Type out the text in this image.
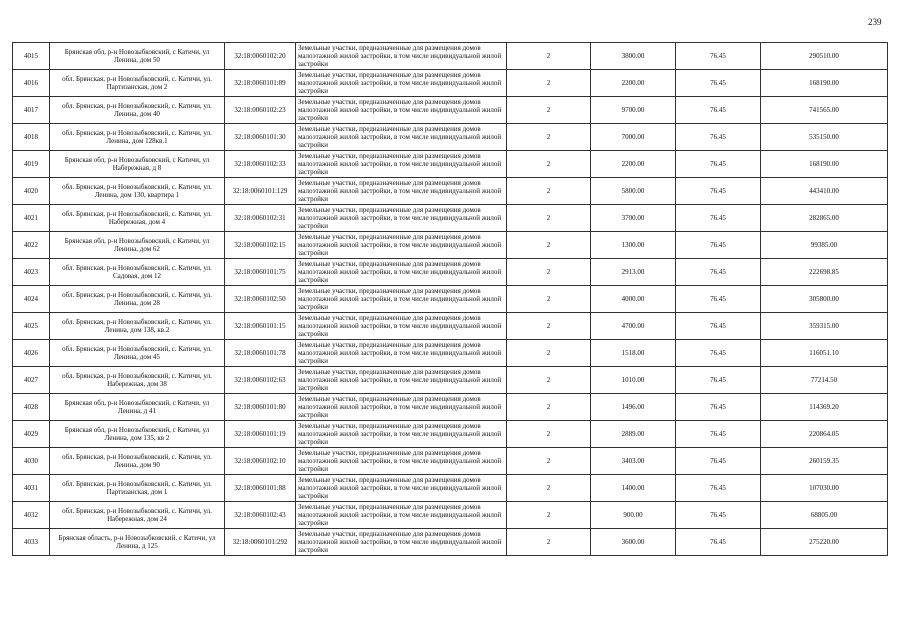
239
4015	Брянская обл, р-н Новозыбковский, с Катичи, ул Ленина, дом 50	32:18:0060102:20	Земельные участки, предназначенные для размещения домов малоэтажной жилой застройки, в том числе индивидуальной жилой застройки	2	3800.00	76.45	290510.00
4016	обл. Брянская, р-н Новозыбковский, с. Катичи, ул. Партизанская, дом 2	32:18:0060101:89	Земельные участки, предназначенные для размещения домов малоэтажной жилой застройки, в том числе индивидуальной жилой застройки	2	2200.00	76.45	168190.00
4017	обл. Брянская, р-н Новозыбковский, с. Катичи, ул. Ленина, дом 40	32:18:0060102:23	Земельные участки, предназначенные для размещения домов малоэтажной жилой застройки, в том числе индивидуальной жилой застройки	2	9700.00	76.45	741565.00
4018	обл. Брянская, р-н Новозыбковский, с. Катичи, ул. Ленина, дом 128кв.1	32:18:0060101:30	Земельные участки, предназначенные для размещения домов малоэтажной жилой застройки, в том числе индивидуальной жилой застройки	2	7000.00	76.45	535150.00
4019	Брянская обл, р-н Новозыбковский, с Катичи, ул Набережная, д 8	32:18:0060102:33	Земельные участки, предназначенные для размещения домов малоэтажной жилой застройки, в том числе индивидуальной жилой застройки	2	2200.00	76.45	168190.00
4020	обл. Брянская, р-н Новозыбковский, с. Катичи, ул. Ленина, дом 130, квартира 1	32:18:0060101:129	Земельные участки, предназначенные для размещения домов малоэтажной жилой застройки, в том числе индивидуальной жилой застройки	2	5800.00	76.45	443410.00
4021	обл. Брянская, р-н Новозыбковский, с. Катичи, ул. Набережная, дом 4	32:18:0060102:31	Земельные участки, предназначенные для размещения домов малоэтажной жилой застройки, в том числе индивидуальной жилой застройки	2	3700.00	76.45	282865.00
4022	Брянская обл, р-н Новозыбковский, с Катичи, ул Ленина, дом 62	32:18:0060102:15	Земельные участки, предназначенные для размещения домов малоэтажной жилой застройки, в том числе индивидуальной жилой застройки	2	1300.00	76.45	99385.00
4023	обл. Брянская, р-н Новозыбковский, с. Катичи, ул. Садовая, дом 12	32:18:0060101:75	Земельные участки, предназначенные для размещения домов малоэтажной жилой застройки, в том числе индивидуальной жилой застройки	2	2913.00	76.45	222698.85
4024	обл. Брянская, р-н Новозыбковский, с. Катичи, ул. Ленина, дом 28	32:18:0060102:50	Земельные участки, предназначенные для размещения домов малоэтажной жилой застройки, в том числе индивидуальной жилой застройки	2	4000.00	76.45	305800.00
4025	обл. Брянская, р-н Новозыбковский, с. Катичи, ул. Ленина, дом 138, кв.2	32:18:0060101:15	Земельные участки, предназначенные для размещения домов малоэтажной жилой застройки, в том числе индивидуальной жилой застройки	2	4700.00	76.45	359315.00
4026	обл. Брянская, р-н Новозыбковский, с. Катичи, ул. Ленина, дом 45	32:18:0060101:78	Земельные участки, предназначенные для размещения домов малоэтажной жилой застройки, в том числе индивидуальной жилой застройки	2	1518.00	76.45	116051.10
4027	обл. Брянская, р-н Новозыбковский, с. Катичи, ул. Набережная, дом 38	32:18:0060102:63	Земельные участки, предназначенные для размещения домов малоэтажной жилой застройки, в том числе индивидуальной жилой застройки	2	1010.00	76.45	77214.50
4028	Брянская обл, р-н Новозыбковский, с Катичи, ул Ленина, д 41	32:18:0060101:80	Земельные участки, предназначенные для размещения домов малоэтажной жилой застройки, в том числе индивидуальной жилой застройки	2	1496.00	76.45	114369.20
4029	Брянская обл, р-н Новозыбковский, с Катичи, ул Ленина, дом 135, кв 2	32:18:0060101:19	Земельные участки, предназначенные для размещения домов малоэтажной жилой застройки, в том числе индивидуальной жилой застройки	2	2889.00	76.45	220864.05
4030	обл. Брянская, р-н Новозыбковский, с. Катичи, ул. Ленина, дом 90	32:18:0060102:10	Земельные участки, предназначенные для размещения домов малоэтажной жилой застройки, в том числе индивидуальной жилой застройки	2	3403.00	76.45	260159.35
4031	обл. Брянская, р-н Новозыбковский, с. Катичи, ул. Партизанская, дом 1	32:18:0060101:88	Земельные участки, предназначенные для размещения домов малоэтажной жилой застройки, в том числе индивидуальной жилой застройки	2	1400.00	76.45	107030.00
4032	обл. Брянская, р-н Новозыбковский, с. Катичи, ул. Набережная, дом 24	32:18:0060102:43	Земельные участки, предназначенные для размещения домов малоэтажной жилой застройки, в том числе индивидуальной жилой застройки	2	900.00	76.45	68805.00
4033	Брянская область, р-н Новозыбковский, с Катичи, ул Ленина, д 125	32:18:0060101:292	Земельные участки, предназначенные для размещения домов малоэтажной жилой застройки, в том числе индивидуальной жилой застройки	2	3600.00	76.45	275220.00
